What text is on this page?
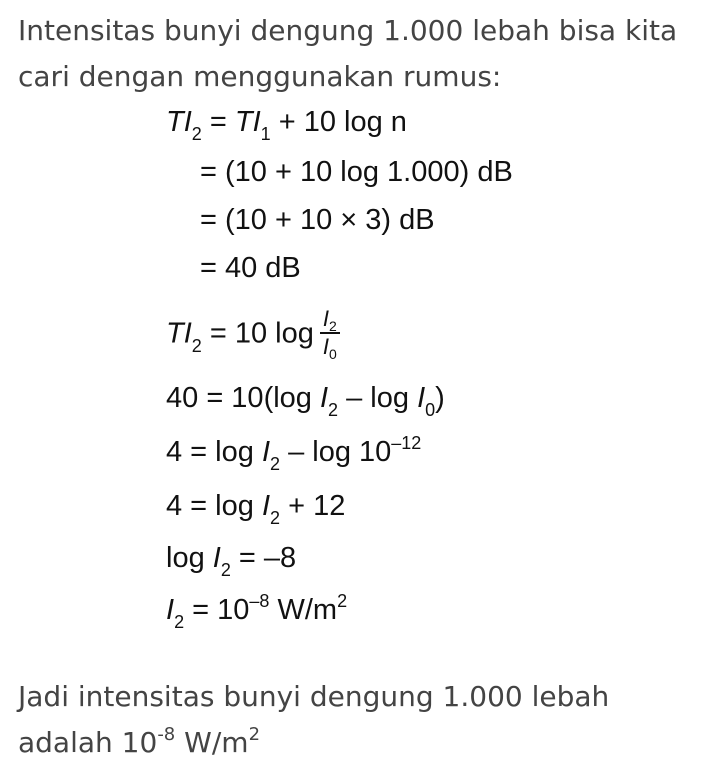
Intensitas bunyi dengung 1.000 lebah bisa kita
cari dengan menggunakan rumus:
$TI_2 = TI_1 + 10$ log n
= (10 + 10 log 1.000) dB
= (10 + 10 × 3) dB
= 40 dB
$TI_2 = 10$ $\log \frac{I_2}{I_0}$
40 = 10(log $I_2$ – $\log I_0$)
$4 = \log I_2 - \log 10^{-12}$
$4 = \log I_2 + 12$
$\log I_2 = -8$
$I_2 = 10^{-8}$ $W/m^2$
Jadi intensitas bunyi dengung 1.000 lebah
adalah $10^{-8}$ $W/m^2$
